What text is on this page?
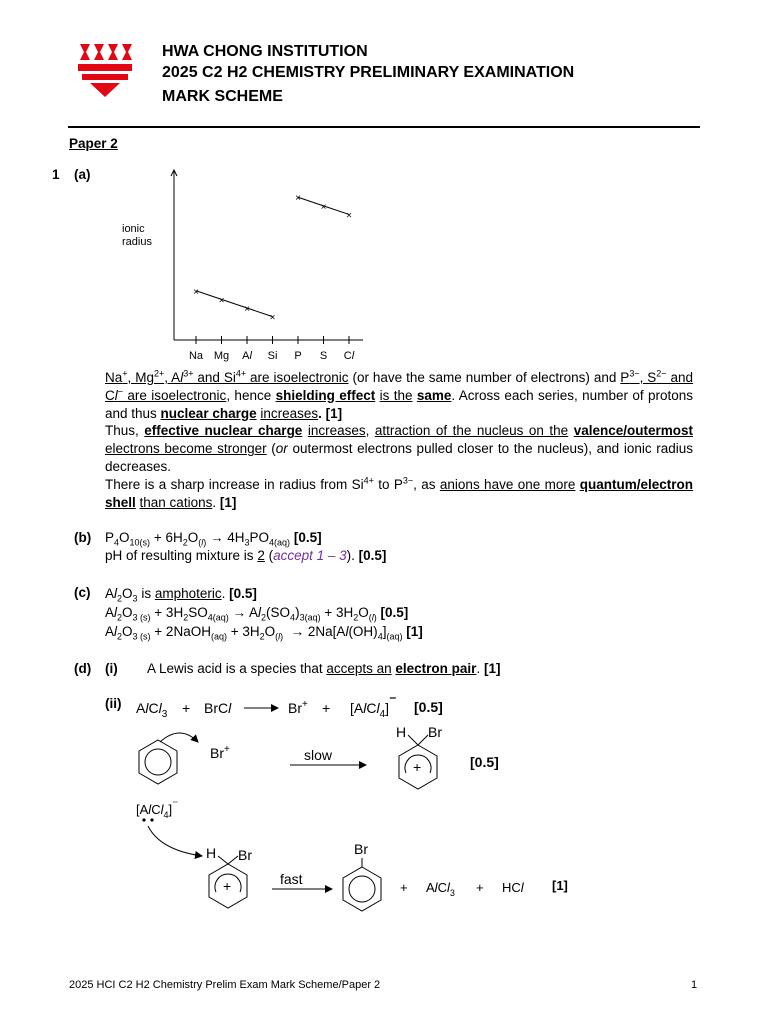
HWA CHONG INSTITUTION
2025 C2 H2 CHEMISTRY PRELIMINARY EXAMINATION
MARK SCHEME
Paper 2
1 (a)
ionic
radius
Na Mg Al Si P S Cl
×
×
×
×
×
×
×
Na+, $Mg^{2+}$, $Al^{3+}$ and $Si^{4+}$ are isoelectronic (or have the same number of electrons) and $P^{3-}$, $S^{2-}$ and Cl− are isoelectronic, hence shielding effect is the same. Across each series, number of protons and thus nuclear charge increases. [1]
Thus, effective nuclear charge increases, attraction of the nucleus on the valence/outermost electrons become stronger (or outermost electrons pulled closer to the nucleus), and ionic radius decreases.
There is a sharp increase in radius from $Si^{4+}$ to $P^{3-}$, as anions have one more quantum/electron shell than cations. [1]
(b) $P_4O_{10(s)} + 6H_2O_{(l)} \to 4H_3PO_{4(aq)}$ [0.5]
pH of resulting mixture is 2 (accept 1 – 3). [0.5]
(c) $Al_2O_3$ is amphoteric. [0.5]
$Al_2O_{3 (s)} + 3H_2SO_{4(aq)} \to Al_2(SO_4)_{3(aq)} + 3H_2O_{(l)}$ [0.5]
$Al_2O_{3 (s)}$ + 2NaOH$_{(aq)}$ + $3H_2O_{(l)} \to 2Na[Al(OH)_4]_{(aq)}$ [1]
(d) (i) A Lewis acid is a species that accepts an electron pair. [1]
(ii) AlCl$_3$ + BrCl	Br+ + [AlCl$_4$]⁻ [0.5]
Br+	slow
+
H Br
[0.5]
[AlCl$_4$]⁻
+
H Br
fast
Br
+ AlCl$_3$ + HCl [1]
2025 HCI C2 H2 Chemistry Prelim Exam Mark Scheme/Paper 2	1
